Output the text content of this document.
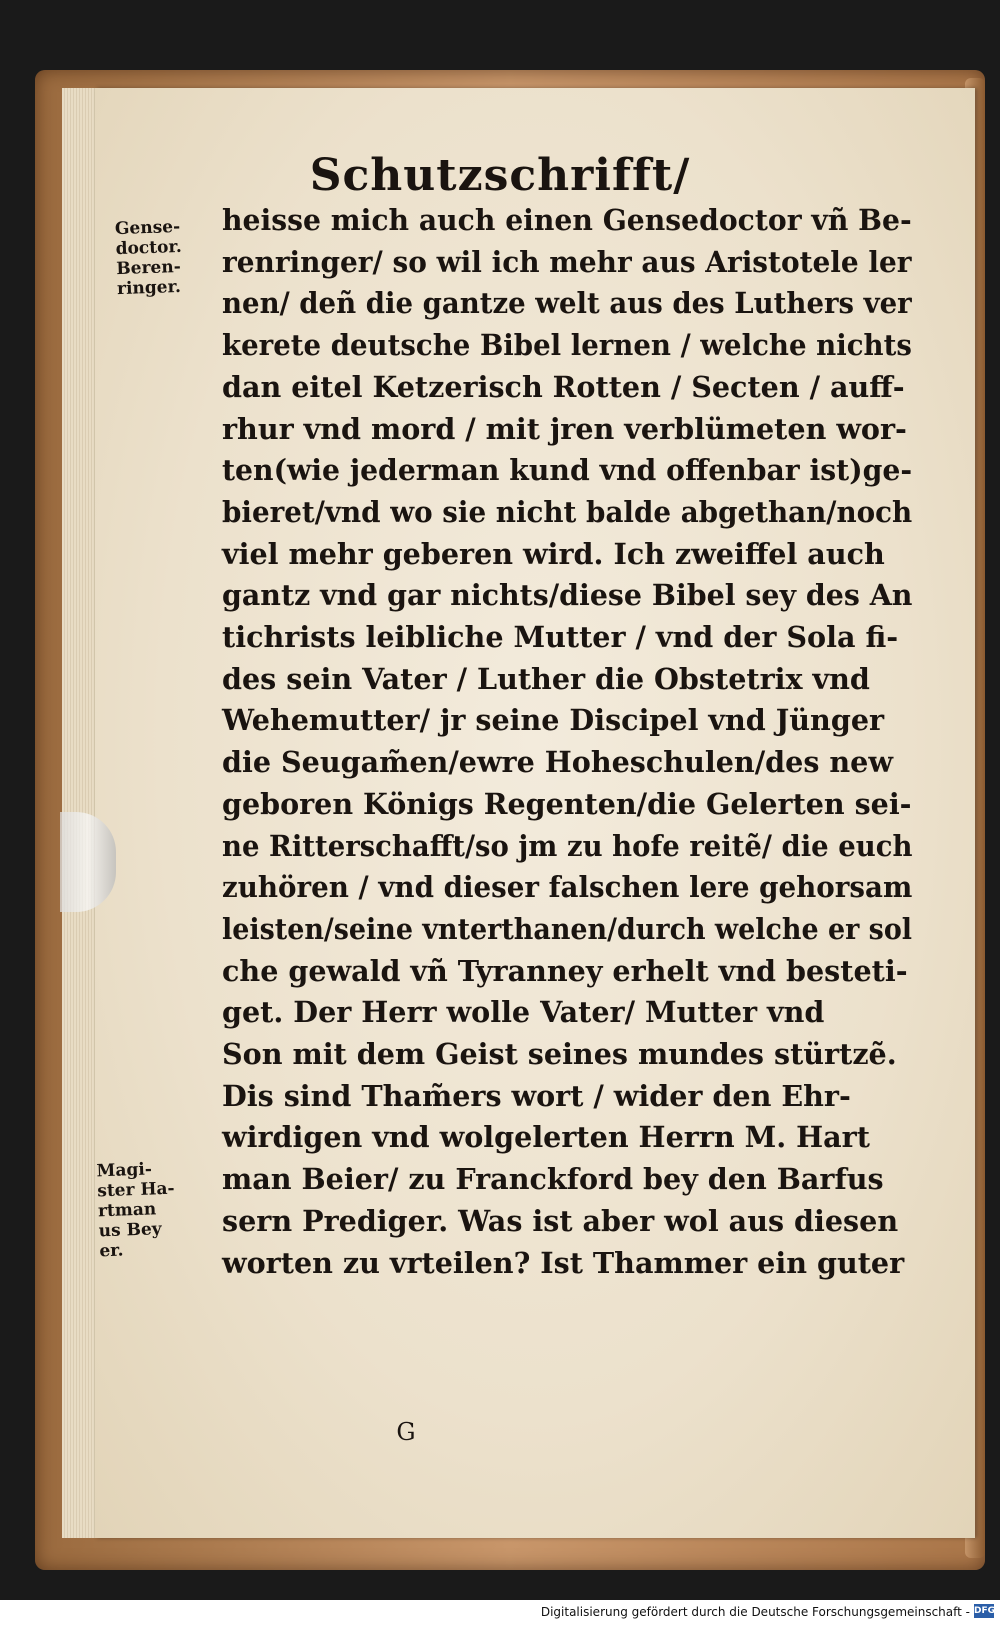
Schutzschrifft/
Gense-
doctor.
Beren-
ringer.
Magi-
ster Ha-
rtman
us Bey
er.
heisse mich auch einen Gensedoctor vñ Be-
renringer/ so wil ich mehr aus Aristotele ler
nen/ deñ die gantze welt aus des Luthers ver
kerete deutsche Bibel lernen / welche nichts
dan eitel Ketzerisch Rotten / Secten / auff-
rhur vnd mord / mit jren verblümeten wor-
ten(wie jederman kund vnd offenbar ist)ge-
bieret/vnd wo sie nicht balde abgethan/noch
viel mehr geberen wird. Ich zweiffel auch
gantz vnd gar nichts/diese Bibel sey des An
tichrists leibliche Mutter / vnd der Sola fi-
des sein Vater / Luther die Obstetrix vnd
Wehemutter/ jr seine Discipel vnd Jünger
die Seugam̃en/ewre Hoheschulen/des new
geboren Königs Regenten/die Gelerten sei-
ne Ritterschafft/so jm zu hofe reitẽ/ die euch
zuhören / vnd dieser falschen lere gehorsam
leisten/seine vnterthanen/durch welche er sol
che gewald vñ Tyranney erhelt vnd besteti-
get. Der Herr wolle Vater/ Mutter vnd
Son mit dem Geist seines mundes stürtzẽ.
Dis sind Tham̃ers wort / wider den Ehr-
wirdigen vnd wolgelerten Herrn M. Hart
man Beier/ zu Franckford bey den Barfus
sern Prediger. Was ist aber wol aus diesen
worten zu vrteilen? Ist Thammer ein guter
G
Digitalisierung gefördert durch die Deutsche Forschungsgemeinschaft - DFG
